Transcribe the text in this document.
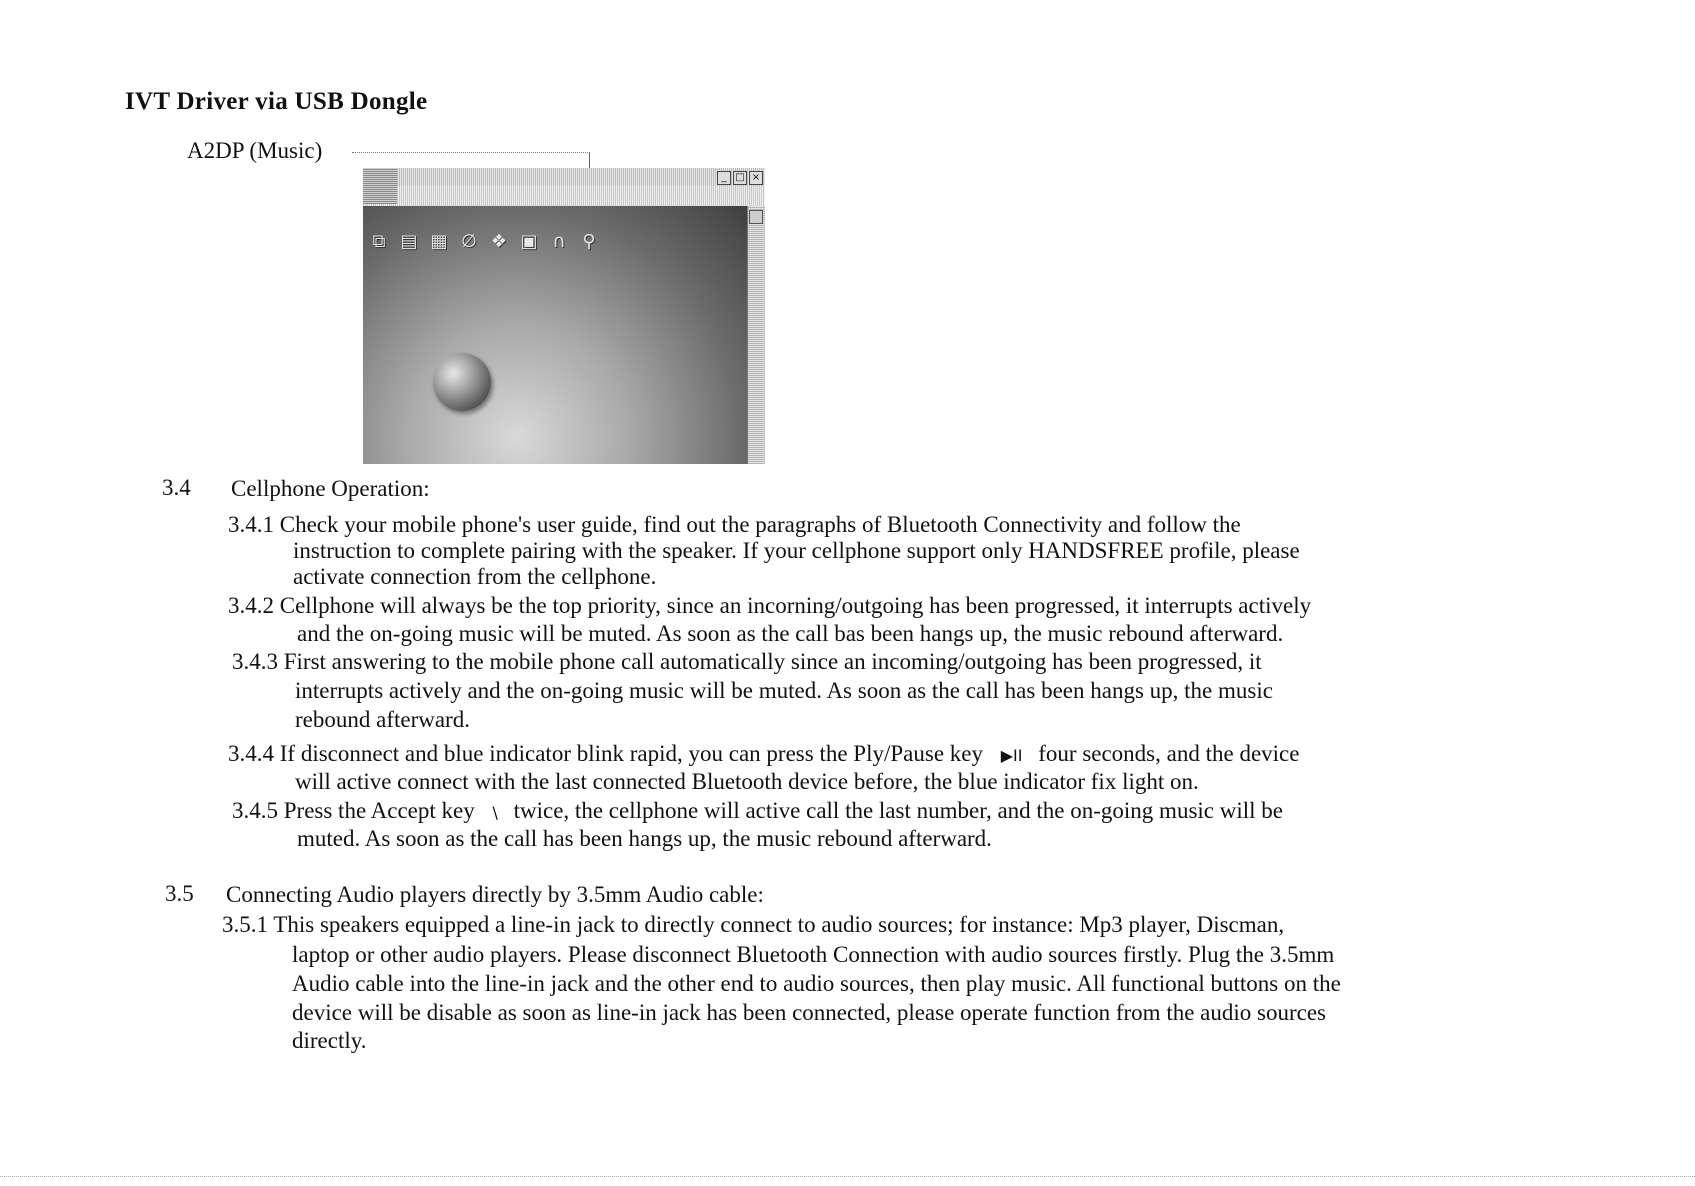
IVT Driver via USB Dongle
A2DP (Music)
_ □ ×
⧉ ▤ ▦ ∅ ❖ ▣ ∩ ⚲
3.4 Cellphone Operation:
3.4.1 Check your mobile phone's user guide, find out the paragraphs of Bluetooth Connectivity and follow the
instruction to complete pairing with the speaker. If your cellphone support only HANDSFREE profile, please
activate connection from the cellphone.
3.4.2 Cellphone will always be the top priority, since an incorning/outgoing has been progressed, it interrupts actively
and the on-going music will be muted. As soon as the call bas been hangs up, the music rebound afterward.
3.4.3 First answering to the mobile phone call automatically since an incoming/outgoing has been progressed, it
interrupts actively and the on-going music will be muted. As soon as the call has been hangs up, the music
rebound afterward.
3.4.4 If disconnect and blue indicator blink rapid, you can press the Ply/Pause key ▶II four seconds, and the device
will active connect with the last connected Bluetooth device before, the blue indicator fix light on.
3.4.5 Press the Accept key \ twice, the cellphone will active call the last number, and the on-going music will be
muted. As soon as the call has been hangs up, the music rebound afterward.
3.5 Connecting Audio players directly by 3.5mm Audio cable:
3.5.1 This speakers equipped a line-in jack to directly connect to audio sources; for instance: Mp3 player, Discman,
laptop or other audio players. Please disconnect Bluetooth Connection with audio sources firstly. Plug the 3.5mm
Audio cable into the line-in jack and the other end to audio sources, then play music. All functional buttons on the
device will be disable as soon as line-in jack has been connected, please operate function from the audio sources
directly.
